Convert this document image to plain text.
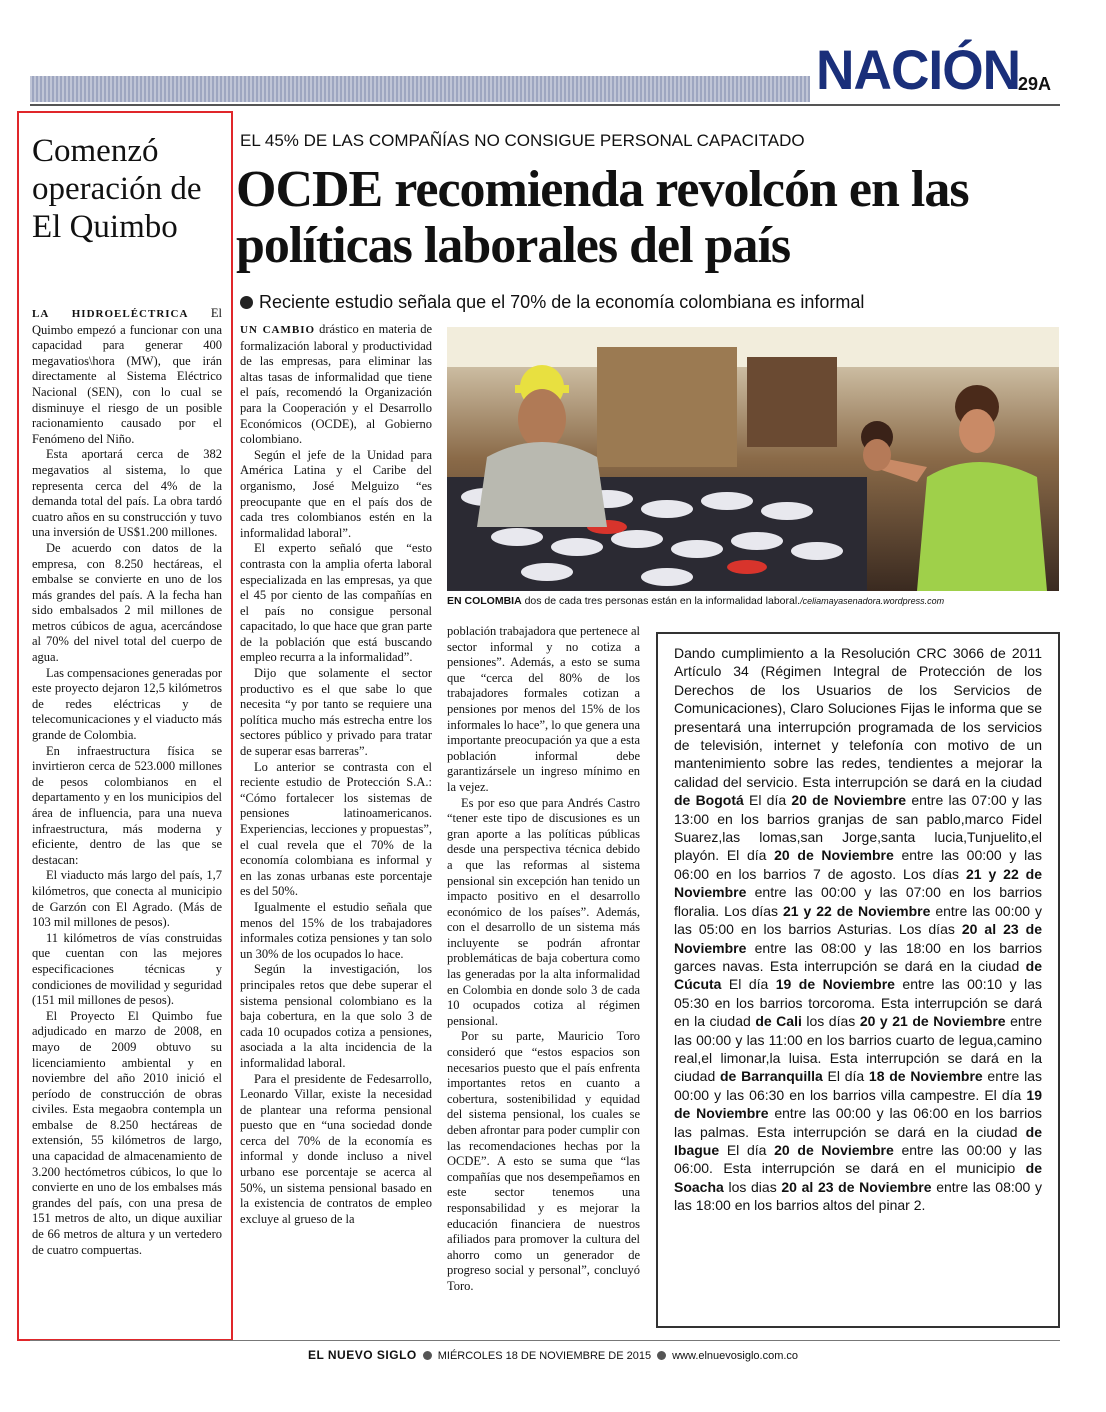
NACIÓN
29A
Comenzó operación de El Quimbo

LA HIDROELÉCTRICA El Quimbo empezó a funcionar con una capacidad para generar 400 megavatios\hora (MW), que irán directamente al Sistema Eléctrico Nacional (SEN), con lo cual se disminuye el riesgo de un posible racionamiento causado por el Fenómeno del Niño.

Esta aportará cerca de 382 megavatios al sistema, lo que representa cerca del 4% de la demanda total del país. La obra tardó cuatro años en su construcción y tuvo una inversión de US$1.200 millones.

De acuerdo con datos de la empresa, con 8.250 hectáreas, el embalse se convierte en uno de los más grandes del país. A la fecha han sido embalsados 2 mil millones de metros cúbicos de agua, acercándose al 70% del nivel total del cuerpo de agua.

Las compensaciones generadas por este proyecto dejaron 12,5 kilómetros de redes eléctricas y de telecomunicaciones y el viaducto más grande de Colombia.

En infraestructura física se invirtieron cerca de 523.000 millones de pesos colombianos en el departamento y en los municipios del área de influencia, para una nueva infraestructura, más moderna y eficiente, dentro de las que se destacan:

El viaducto más largo del país, 1,7 kilómetros, que conecta al municipio de Garzón con El Agrado. (Más de 103 mil millones de pesos).

11 kilómetros de vías construidas que cuentan con las mejores especificaciones técnicas y condiciones de movilidad y seguridad (151 mil millones de pesos).

El Proyecto El Quimbo fue adjudicado en marzo de 2008, en mayo de 2009 obtuvo su licenciamiento ambiental y en noviembre del año 2010 inició el período de construcción de obras civiles. Esta megaobra contempla un embalse de 8.250 hectáreas de extensión, 55 kilómetros de largo, una capacidad de almacenamiento de 3.200 hectómetros cúbicos, lo que lo convierte en uno de los embalses más grandes del país, con una presa de 151 metros de alto, un dique auxiliar de 66 metros de altura y un vertedero de cuatro compuertas.

EL 45% DE LAS COMPAÑÍAS NO CONSIGUE PERSONAL CAPACITADO
OCDE recomienda revolcón en las políticas laborales del país
Reciente estudio señala que el 70% de la economía colombiana es informal

UN CAMBIO drástico en materia de formalización laboral y productividad de las empresas, para eliminar las altas tasas de informalidad que tiene el país, recomendó la Organización para la Cooperación y el Desarrollo Económicos (OCDE), al Gobierno colombiano.

Según el jefe de la Unidad para América Latina y el Caribe del organismo, José Melguizo “es preocupante que en el país dos de cada tres colombianos estén en la informalidad laboral”.

El experto señaló que “esto contrasta con la amplia oferta laboral especializada en las empresas, ya que el 45 por ciento de las compañías en el país no consigue personal capacitado, lo que hace que gran parte de la población que está buscando empleo recurra a la informalidad”.

Dijo que solamente el sector productivo es el que sabe lo que necesita “y por tanto se requiere una política mucho más estrecha entre los sectores público y privado para tratar de superar esas barreras”.

Lo anterior se contrasta con el reciente estudio de Protección S.A.: “Cómo fortalecer los sistemas de pensiones latinoamericanos. Experiencias, lecciones y propuestas”, el cual revela que el 70% de la economía colombiana es informal y en las zonas urbanas este porcentaje es del 50%.

Igualmente el estudio señala que menos del 15% de los trabajadores informales cotiza pensiones y tan solo un 30% de los ocupados lo hace.

Según la investigación, los principales retos que debe superar el sistema pensional colombiano es la baja cobertura, en la que solo 3 de cada 10 ocupados cotiza a pensiones, asociada a la alta incidencia de la informalidad laboral.

Para el presidente de Fedesarrollo, Leonardo Villar, existe la necesidad de plantear una reforma pensional puesto que en “una sociedad donde cerca del 70% de la economía es informal y donde incluso a nivel urbano ese porcentaje se acerca al 50%, un sistema pensional basado en la existencia de contratos de empleo excluye al grueso de la

EN COLOMBIA dos de cada tres personas están en la informalidad laboral./celiamayasenadora.wordpress.com

población trabajadora que pertenece al sector informal y no cotiza a pensiones”. Además, a esto se suma que “cerca del 80% de los trabajadores formales cotizan a pensiones por menos del 15% de los informales lo hace”, lo que genera una importante preocupación ya que a esta población informal debe garantizársele un ingreso mínimo en la vejez.

Es por eso que para Andrés Castro “tener este tipo de discusiones es un gran aporte a las políticas públicas desde una perspectiva técnica debido a que las reformas al sistema pensional sin excepción han tenido un impacto positivo en el desarrollo económico de los países”. Además, con el desarrollo de un sistema más incluyente se podrán afrontar problemáticas de baja cobertura como las generadas por la alta informalidad en Colombia en donde solo 3 de cada 10 ocupados cotiza al régimen pensional.

Por su parte, Mauricio Toro consideró que “estos espacios son necesarios puesto que el país enfrenta importantes retos en cuanto a cobertura, sostenibilidad y equidad del sistema pensional, los cuales se deben afrontar para poder cumplir con las recomendaciones hechas por la OCDE”. A esto se suma que “las compañías que nos desempeñamos en este sector tenemos una responsabilidad y es mejorar la educación financiera de nuestros afiliados para promover la cultura del ahorro como un generador de progreso social y personal”, concluyó Toro.

Dando cumplimiento a la Resolución CRC 3066 de 2011 Artículo 34 (Régimen Integral de Protección de los Derechos de los Usuarios de los Servicios de Comunicaciones), Claro Soluciones Fijas le informa que se presentará una interrupción programada de los servicios de televisión, internet y telefonía con motivo de un mantenimiento sobre las redes, tendientes a mejorar la calidad del servicio. Esta interrupción se dará en la ciudad de Bogotá El día 20 de Noviembre entre las 07:00 y las 13:00 en los barrios granjas de san pablo,marco Fidel Suarez,las lomas,san Jorge,santa lucia,Tunjuelito,el playón. El día 20 de Noviembre entre las 00:00 y las 06:00 en los barrios 7 de agosto. Los días 21 y 22 de Noviembre entre las 00:00 y las 07:00 en los barrios floralia. Los días 21 y 22 de Noviembre entre las 00:00 y las 05:00 en los barrios Asturias. Los días 20 al 23 de Noviembre entre las 08:00 y las 18:00 en los barrios garces navas. Esta interrupción se dará en la ciudad de Cúcuta El día 19 de Noviembre entre las 00:10 y las 05:30 en los barrios torcoroma. Esta interrupción se dará en la ciudad de Cali los días 20 y 21 de Noviembre entre las 00:00 y las 11:00 en los barrios cuarto de legua,camino real,el limonar,la luisa. Esta interrupción se dará en la ciudad de Barranquilla El día 18 de Noviembre entre las 00:00 y las 06:30 en los barrios villa campestre. El día 19 de Noviembre entre las 00:00 y las 06:00 en los barrios las palmas. Esta interrupción se dará en la ciudad de Ibague El día 20 de Noviembre entre las 00:00 y las 06:00. Esta interrupción se dará en el municipio de Soacha los dias 20 al 23 de Noviembre entre las 08:00 y las 18:00 en los barrios altos del pinar 2.
EL NUEVO SIGLO MIÉRCOLES 18 DE NOVIEMBRE DE 2015 www.elnuevosiglo.com.co
